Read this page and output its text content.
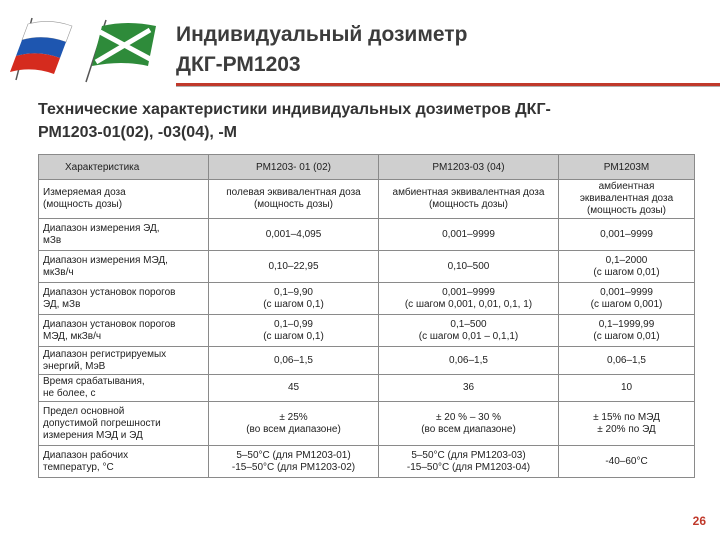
Индивидуальный дозиметр
ДКГ-РМ1203
Технические характеристики индивидуальных дозиметров ДКГ-
РМ1203-01(02), -03(04), -М
Характеристика	РМ1203- 01 (02)	РМ1203-03 (04)	РМ1203М

Измеряемая доза
(мощность дозы)	полевая эквивалентная доза
(мощность дозы)	амбиентная эквивалентная доза
(мощность дозы)	амбиентная
эквивалентная доза
(мощность дозы)

Диапазон измерения ЭД,
мЗв	0,001–4,095	0,001–9999	0,001–9999

Диапазон измерения МЭД,
мкЗв/ч	0,10–22,95	0,10–500	0,1–2000
(с шагом 0,01)

Диапазон установок порогов
ЭД, мЗв	0,1–9,90
(с шагом 0,1)	0,001–9999
(с шагом 0,001, 0,01, 0,1, 1)	0,001–9999
(с шагом 0,001)

Диапазон установок порогов
МЭД, мкЗв/ч	0,1–0,99
(с шагом 0,1)	0,1–500
(с шагом 0,01 – 0,1,1)	0,1–1999,99
(с шагом 0,01)

Диапазон регистрируемых
энергий, МэВ	0,06–1,5	0,06–1,5	0,06–1,5

Время срабатывания,
не более, с	45	36	10

Предел основной
допустимой погрешности
измерения МЭД и ЭД	± 25%
(во всем диапазоне)	± 20 % – 30 %
(во всем диапазоне)	± 15% по МЭД
± 20% по ЭД

Диапазон рабочих
температур, °С	5–50°С (для РМ1203-01)
-15–50°С (для РМ1203-02)	5–50°С (для РМ1203-03)
-15–50°С (для РМ1203-04)	-40–60°С
26
